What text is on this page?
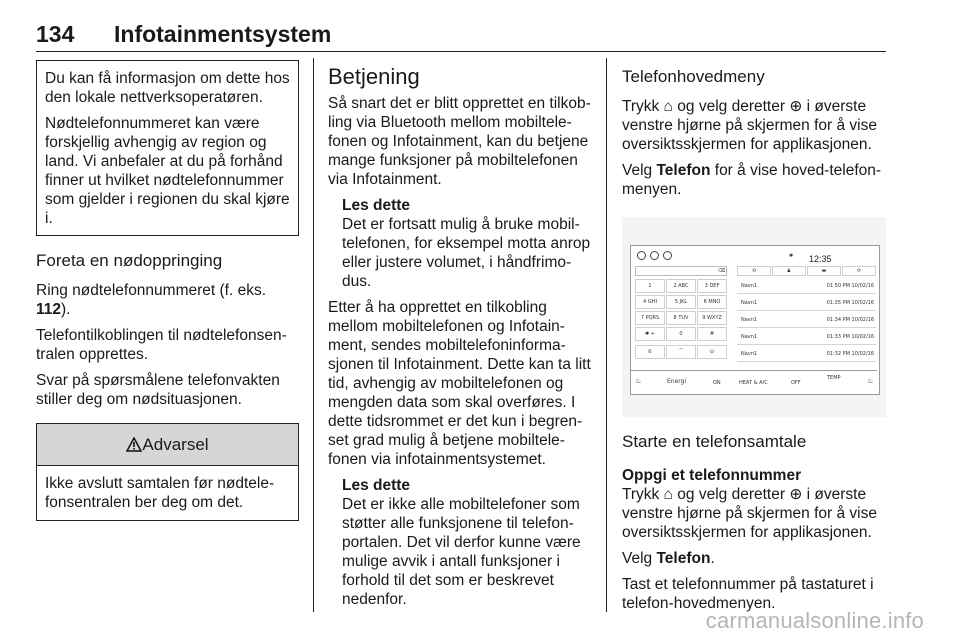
134 Infotainmentsystem

Du kan få informasjon om dette hos den lokale nettverksoperatøren.

Nødtelefonnummeret kan være forskjellig avhengig av region og land. Vi anbefaler at du på forhånd finner ut hvilket nødtelefonnummer som gjelder i regionen du skal kjøre i.

Foreta en nødoppringing

Ring nødtelefonnummeret (f. eks. 112).

Telefontilkoblingen til nødtelefonsentralen opprettes.

Svar på spørsmålene telefonvakten stiller deg om nødsituasjonen.

Advarsel
Ikke avslutt samtalen før nødtelefonsentralen ber deg om det.
Betjening

Så snart det er blitt opprettet en tilkobling via Bluetooth mellom mobiltelefonen og Infotainment, kan du betjene mange funksjoner på mobiltelefonen via Infotainment.

Les dette

Det er fortsatt mulig å bruke mobiltelefonen, for eksempel motta anrop eller justere volumet, i håndfrimodus.

Etter å ha opprettet en tilkobling mellom mobiltelefonen og Infotainment, sendes mobiltelefoninformasjonen til Infotainment. Dette kan ta litt tid, avhengig av mobiltelefonen og mengden data som skal overføres. I dette tidsrommet er det kun i begrenset grad mulig å betjene mobiltelefonen via infotainmentsystemet.

Les dette

Det er ikke alle mobiltelefoner som støtter alle funksjonene til telefonportalen. Det vil derfor kunne være mulige avvik i antall funksjoner i forhold til det som er beskrevet nedenfor.

Telefonhovedmeny

Trykk ⌂ og velg deretter ⊕ i øverste venstre hjørne på skjermen for å vise oversiktsskjermen for applikasjonen.

Velg Telefon for å vise hoved-telefonmenyen.

✱ 12:35
⌫
1	2 ABC	3 DEF
4 GHI	5 JKL	6 MNO
7 PQRS	8 TUV	9 WXYZ
✱ +	0	#
✆	⌒	☏
⟲	♟	▬	⟳
Navn1	01:50 PM 10/02/16
Navn1	01:35 PM 10/02/16
Navn1	01:34 PM 10/02/16
Navn1	01:33 PM 10/02/16
Navn1	01:32 PM 10/02/16
♨	Energi	HEAT & A/C	OFF
TEMP
ON	♨
Starte en telefonsamtale
Oppgi et telefonnummer

Trykk ⌂ og velg deretter ⊕ i øverste venstre hjørne på skjermen for å vise oversiktsskjermen for applikasjonen.

Velg Telefon.

Tast et telefonnummer på tastaturet i telefon-hovedmenyen.

carmanualsonline.info
